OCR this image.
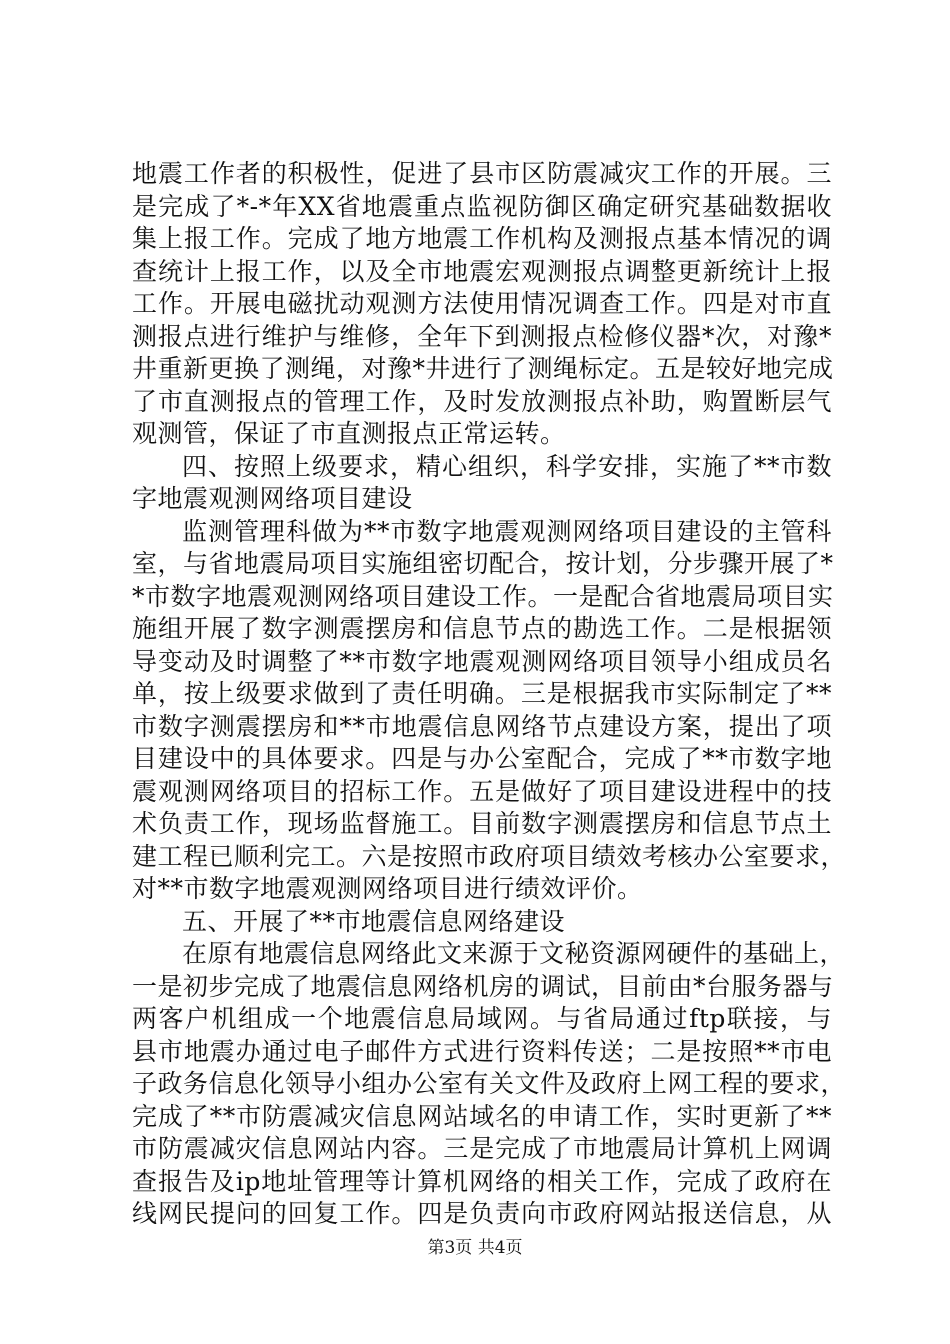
地震工作者的积极性，促进了县市区防震减灾工作的开展。三
是完成了*-*年XX省地震重点监视防御区确定研究基础数据收
集上报工作。完成了地方地震工作机构及测报点基本情况的调
查统计上报工作，以及全市地震宏观测报点调整更新统计上报
工作。开展电磁扰动观测方法使用情况调查工作。四是对市直
测报点进行维护与维修，全年下到测报点检修仪器*次，对豫*
井重新更换了测绳，对豫*井进行了测绳标定。五是较好地完成
了市直测报点的管理工作，及时发放测报点补助，购置断层气
观测管，保证了市直测报点正常运转。
四、按照上级要求，精心组织，科学安排，实施了**市数
字地震观测网络项目建设
监测管理科做为**市数字地震观测网络项目建设的主管科
室，与省地震局项目实施组密切配合，按计划，分步骤开展了*
*市数字地震观测网络项目建设工作。一是配合省地震局项目实
施组开展了数字测震摆房和信息节点的勘选工作。二是根据领
导变动及时调整了**市数字地震观测网络项目领导小组成员名
单，按上级要求做到了责任明确。三是根据我市实际制定了**
市数字测震摆房和**市地震信息网络节点建设方案，提出了项
目建设中的具体要求。四是与办公室配合，完成了**市数字地
震观测网络项目的招标工作。五是做好了项目建设进程中的技
术负责工作，现场监督施工。目前数字测震摆房和信息节点土
建工程已顺利完工。六是按照市政府项目绩效考核办公室要求，
对**市数字地震观测网络项目进行绩效评价。
五、开展了**市地震信息网络建设
在原有地震信息网络此文来源于文秘资源网硬件的基础上，
一是初步完成了地震信息网络机房的调试，目前由*台服务器与
两客户机组成一个地震信息局域网。与省局通过ftp联接，与
县市地震办通过电子邮件方式进行资料传送；二是按照**市电
子政务信息化领导小组办公室有关文件及政府上网工程的要求，
完成了**市防震减灾信息网站域名的申请工作，实时更新了**
市防震减灾信息网站内容。三是完成了市地震局计算机上网调
查报告及ip地址管理等计算机网络的相关工作，完成了政府在
线网民提问的回复工作。四是负责向市政府网站报送信息，从
第3页 共4页
